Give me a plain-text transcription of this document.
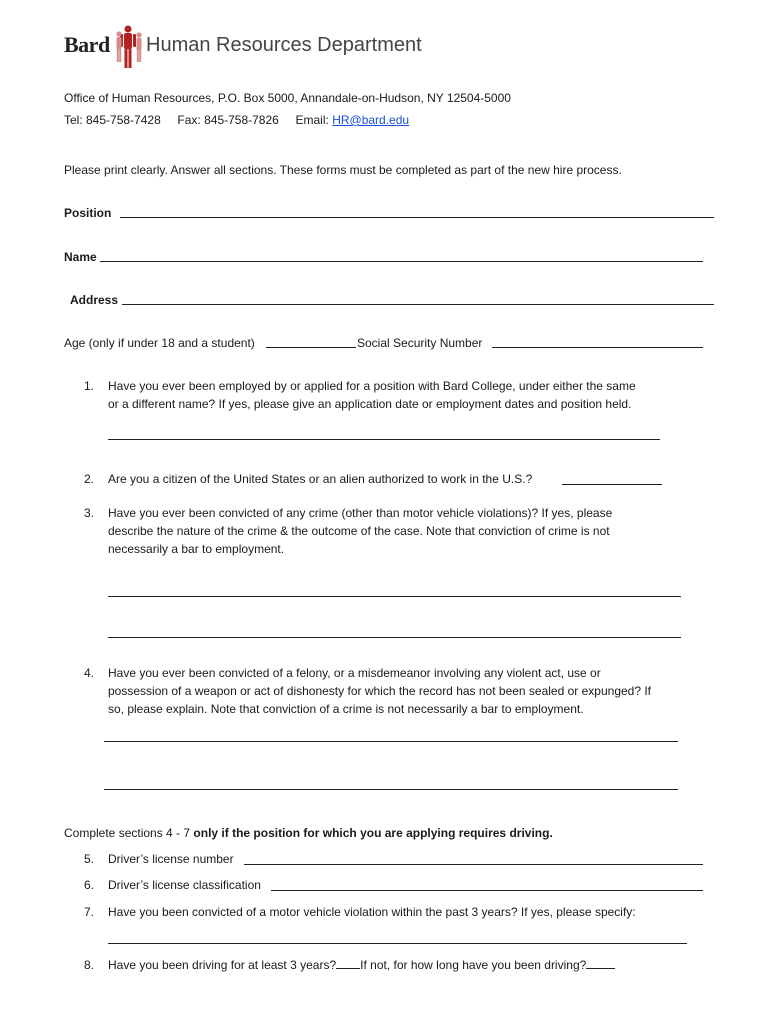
Bard Human Resources Department
Office of Human Resources, P.O. Box 5000, Annandale-on-Hudson, NY 12504-5000
Tel: 845-758-7428 Fax: 845-758-7826 Email: HR@bard.edu
Please print clearly. Answer all sections. These forms must be completed as part of the new hire process.
Position
Name
Address
Age (only if under 18 and a student)	Social Security Number
1. Have you ever been employed by or applied for a position with Bard College, under either the same
or a different name? If yes, please give an application date or employment dates and position held.
2. Are you a citizen of the United States or an alien authorized to work in the U.S.?
3. Have you ever been convicted of any crime (other than motor vehicle violations)? If yes, please
describe the nature of the crime & the outcome of the case. Note that conviction of crime is not
necessarily a bar to employment.
4. Have you ever been convicted of a felony, or a misdemeanor involving any violent act, use or
possession of a weapon or act of dishonesty for which the record has not been sealed or expunged? If
so, please explain. Note that conviction of a crime is not necessarily a bar to employment.
Complete sections 4 - 7 only if the position for which you are applying requires driving.
5. Driver’s license number
6. Driver’s license classification
7. Have you been convicted of a motor vehicle violation within the past 3 years? If yes, please specify:
8. Have you been driving for at least 3 years? If not, for how long have you been driving?
